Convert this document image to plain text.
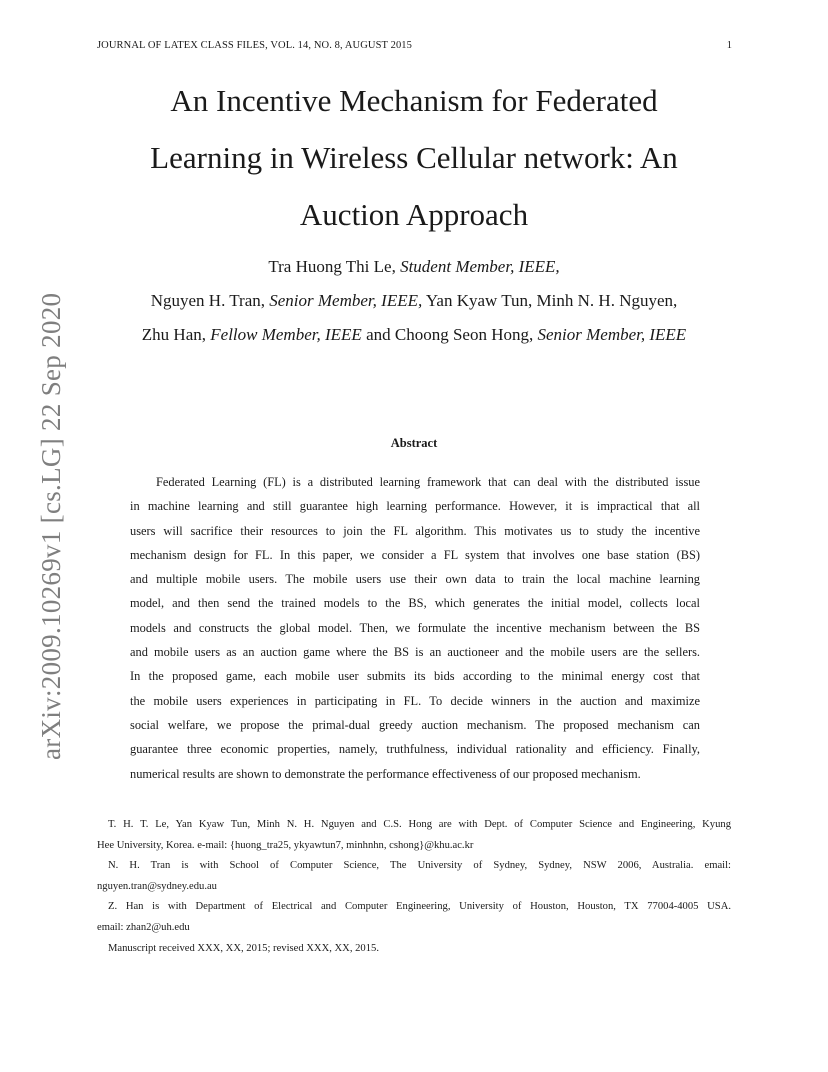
JOURNAL OF LATEX CLASS FILES, VOL. 14, NO. 8, AUGUST 2015	1
arXiv:2009.10269v1 [cs.LG] 22 Sep 2020
An Incentive Mechanism for Federated
Learning in Wireless Cellular network: An
Auction Approach
Tra Huong Thi Le, Student Member, IEEE,
Nguyen H. Tran, Senior Member, IEEE, Yan Kyaw Tun, Minh N. H. Nguyen,
Zhu Han, Fellow Member, IEEE and Choong Seon Hong, Senior Member, IEEE
Abstract
Federated Learning (FL) is a distributed learning framework that can deal with the distributed issue
in machine learning and still guarantee high learning performance. However, it is impractical that all
users will sacrifice their resources to join the FL algorithm. This motivates us to study the incentive
mechanism design for FL. In this paper, we consider a FL system that involves one base station (BS)
and multiple mobile users. The mobile users use their own data to train the local machine learning
model, and then send the trained models to the BS, which generates the initial model, collects local
models and constructs the global model. Then, we formulate the incentive mechanism between the BS
and mobile users as an auction game where the BS is an auctioneer and the mobile users are the sellers.
In the proposed game, each mobile user submits its bids according to the minimal energy cost that
the mobile users experiences in participating in FL. To decide winners in the auction and maximize
social welfare, we propose the primal-dual greedy auction mechanism. The proposed mechanism can
guarantee three economic properties, namely, truthfulness, individual rationality and efficiency. Finally,
numerical results are shown to demonstrate the performance effectiveness of our proposed mechanism.
T. H. T. Le, Yan Kyaw Tun, Minh N. H. Nguyen and C.S. Hong are with Dept. of Computer Science and Engineering, Kyung
Hee University, Korea. e-mail: {huong_tra25, ykyawtun7, minhnhn, cshong}@khu.ac.kr
N. H. Tran is with School of Computer Science, The University of Sydney, Sydney, NSW 2006, Australia. email:
nguyen.tran@sydney.edu.au
Z. Han is with Department of Electrical and Computer Engineering, University of Houston, Houston, TX 77004-4005 USA.
email: zhan2@uh.edu
Manuscript received XXX, XX, 2015; revised XXX, XX, 2015.
